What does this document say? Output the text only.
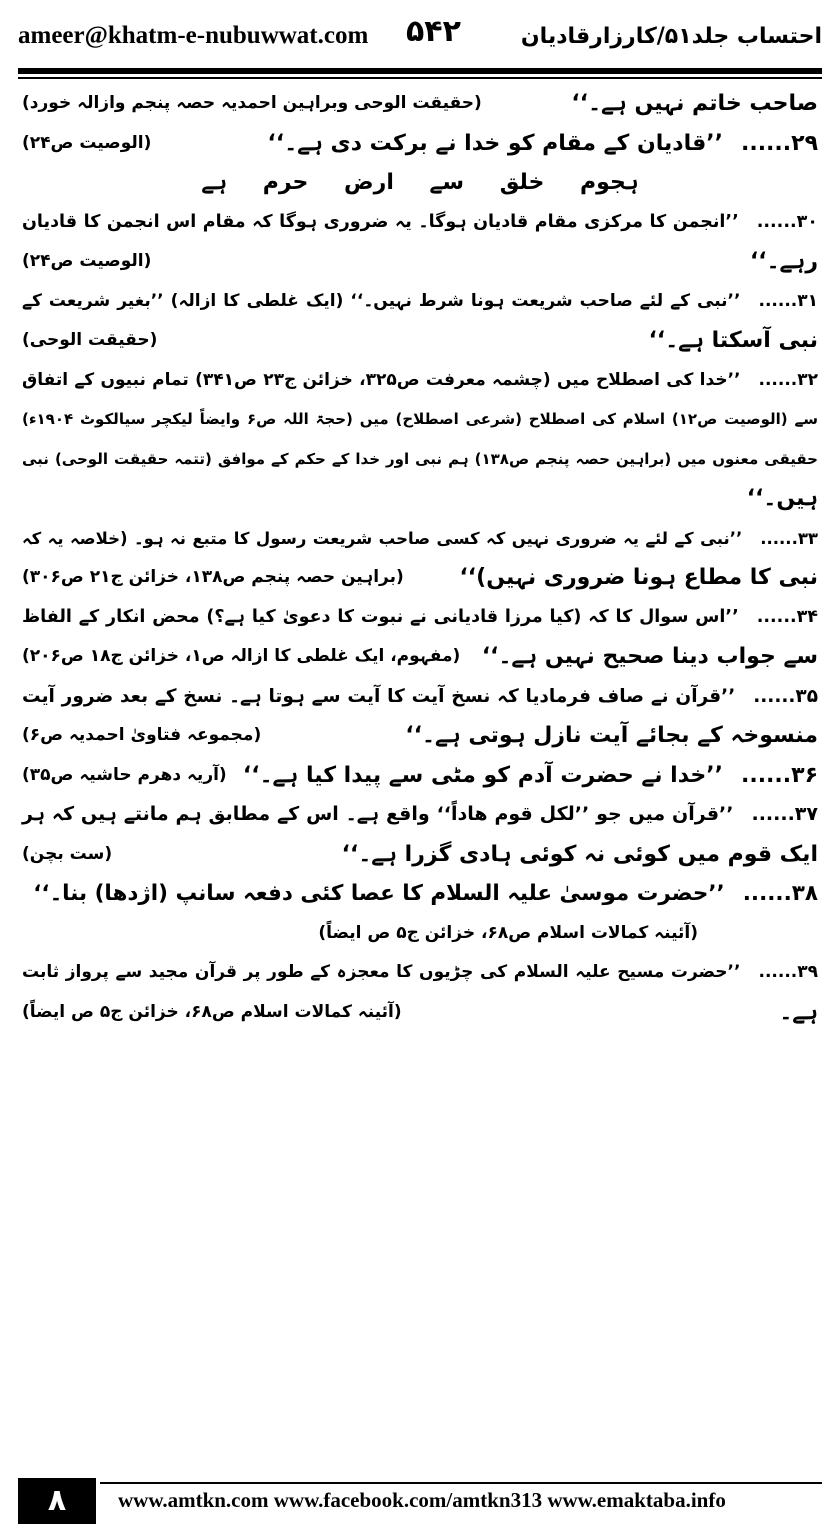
ameer@khatm-e-nubuwwat.com ۵۴۲	احتساب جلد۵۱/کارزارقادیان
صاحب خاتم نہیں ہے۔‘‘
(حقیقت الوحی وبراہین احمدیہ حصہ پنجم وازالہ خورد)
۲۹......’’قادیان کے مقام کو خدا نے برکت دی ہے۔‘‘
(الوصیت ص۲۴)
ہجوم خلق سے ارض حرم ہے
۳۰......’’انجمن کا مرکزی مقام قادیان ہوگا۔ یہ ضروری ہوگا کہ مقام اس انجمن کا قادیان
رہے۔‘‘
(الوصیت ص۲۴)
۳۱......’’نبی کے لئے صاحب شریعت ہونا شرط نہیں۔‘‘ (ایک غلطی کا ازالہ) ’’بغیر شریعت کے
نبی آسکتا ہے۔‘‘
(حقیقت الوحی)
۳۲......’’خدا کی اصطلاح میں (چشمہ معرفت ص۳۲۵، خزائن ج۲۳ ص۳۴۱) تمام نبیوں کے اتفاق
سے (الوصیت ص۱۲) اسلام کی اصطلاح (شرعی اصطلاح) میں (حجۃ اللہ ص۶ وایضاً لیکچر سیالکوٹ ۱۹۰۴ء)
حقیقی معنوں میں (براہین حصہ پنجم ص۱۳۸) ہم نبی اور خدا کے حکم کے موافق (تتمہ حقیقت الوحی) نبی
ہیں۔‘‘
۳۳......’’نبی کے لئے یہ ضروری نہیں کہ کسی صاحب شریعت رسول کا متبع نہ ہو۔ (خلاصہ یہ کہ
نبی کا مطاع ہونا ضروری نہیں)‘‘
(براہین حصہ پنجم ص۱۳۸، خزائن ج۲۱ ص۳۰۶)
۳۴......’’اس سوال کا کہ (کیا مرزا قادیانی نے نبوت کا دعویٰ کیا ہے؟) محض انکار کے الفاظ
سے جواب دینا صحیح نہیں ہے۔‘‘
(مفہوم، ایک غلطی کا ازالہ ص۱، خزائن ج۱۸ ص۲۰۶)
۳۵......’’قرآن نے صاف فرمادیا کہ نسخ آیت کا آیت سے ہوتا ہے۔ نسخ کے بعد ضرور آیت
منسوخہ کے بجائے آیت نازل ہوتی ہے۔‘‘
(مجموعہ فتاویٰ احمدیہ ص۶)
۳۶......’’خدا نے حضرت آدم کو مٹی سے پیدا کیا ہے۔‘‘
(آریہ دھرم حاشیہ ص۳۵)
۳۷......’’قرآن میں جو ’’لکل قوم ھاداً‘‘ واقع ہے۔ اس کے مطابق ہم مانتے ہیں کہ ہر
ایک قوم میں کوئی نہ کوئی ہادی گزرا ہے۔‘‘
(ست بچن)
۳۸......’’حضرت موسیٰ علیہ السلام کا عصا کئی دفعہ سانپ (اژدھا) بنا۔‘‘
(آئینہ کمالات اسلام ص۶۸، خزائن ج۵ ص ایضاً)
۳۹......’’حضرت مسیح علیہ السلام کی چڑیوں کا معجزہ کے طور پر قرآن مجید سے پرواز ثابت
ہے۔
(آئینہ کمالات اسلام ص۶۸، خزائن ج۵ ص ایضاً)
۸	www.amtkn.com www.facebook.com/amtkn313 www.emaktaba.info
